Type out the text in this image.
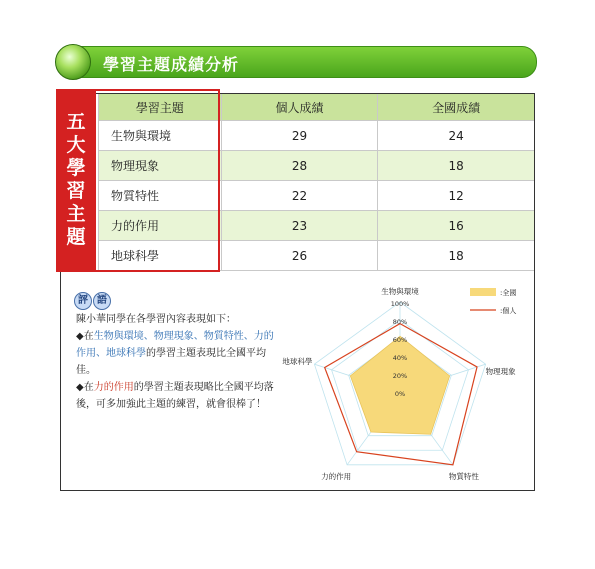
學習主題成績分析
學習主題	個人成績	全國成績
生物與環境	29	24
物理現象	28	18
物質特性	22	12
力的作用	23	16
地球科學	26	18
五
大
學
習
主
題
評 語

陳小華同學在各學習內容表現如下：

◆在生物與環境、物理現象、物質特性、力的作用、地球科學的學習主題表現比全國平均佳。

◆在力的作用的學習主題表現略比全國平均落後，可多加強此主題的練習，就會很棒了！

100%
80%
60%
40%
20%
0%
生物與環境
物理現象
物質特性
力的作用
地球科學
:全國
:個人
